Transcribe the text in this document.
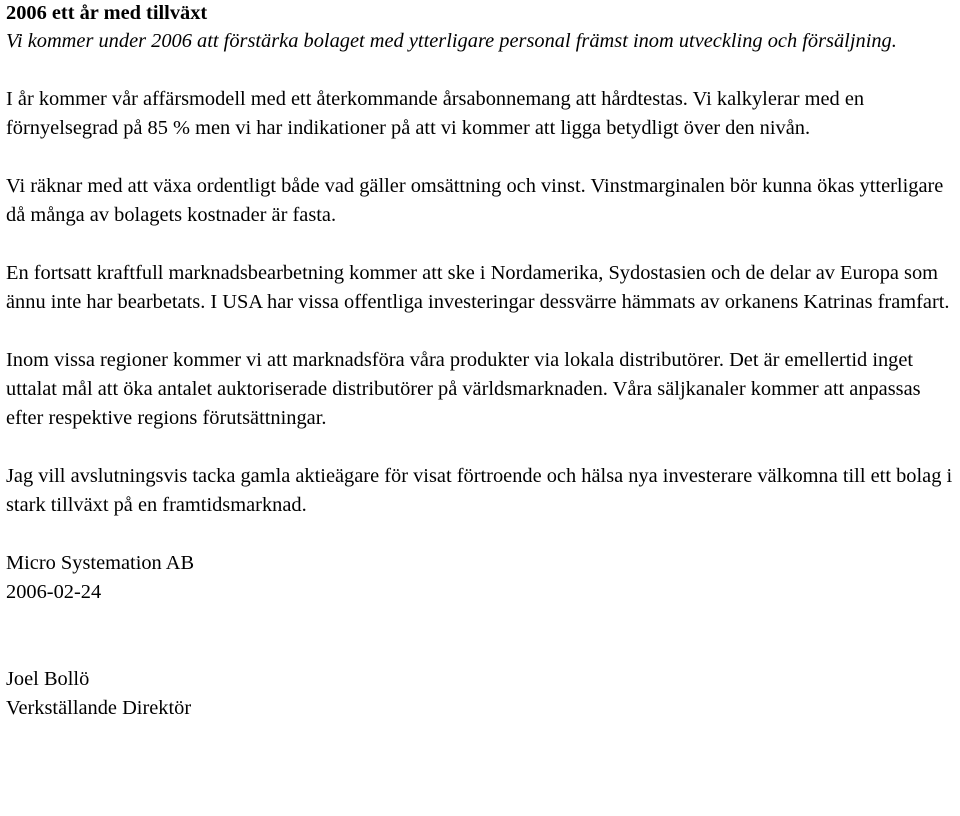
2006 ett år med tillväxt

Vi kommer under 2006 att förstärka bolaget med ytterligare personal främst inom utveckling och försäljning.

I år kommer vår affärsmodell med ett återkommande årsabonnemang att hårdtestas. Vi kalkylerar med en förnyelsegrad på 85 % men vi har indikationer på att vi kommer att ligga betydligt över den nivån.

Vi räknar med att växa ordentligt både vad gäller omsättning och vinst. Vinstmarginalen bör kunna ökas ytterligare då många av bolagets kostnader är fasta.

En fortsatt kraftfull marknadsbearbetning kommer att ske i Nordamerika, Sydostasien och de delar av Europa som ännu inte har bearbetats. I USA har vissa offentliga investeringar dessvärre hämmats av orkanens Katrinas framfart.

Inom vissa regioner kommer vi att marknadsföra våra produkter via lokala distributörer. Det är emellertid inget uttalat mål att öka antalet auktoriserade distributörer på världsmarknaden. Våra säljkanaler kommer att anpassas efter respektive regions förutsättningar.

Jag vill avslutningsvis tacka gamla aktieägare för visat förtroende och hälsa nya investerare välkomna till ett bolag i stark tillväxt på en framtidsmarknad.

Micro Systemation AB

2006-02-24

Joel Bollö

Verkställande Direktör
